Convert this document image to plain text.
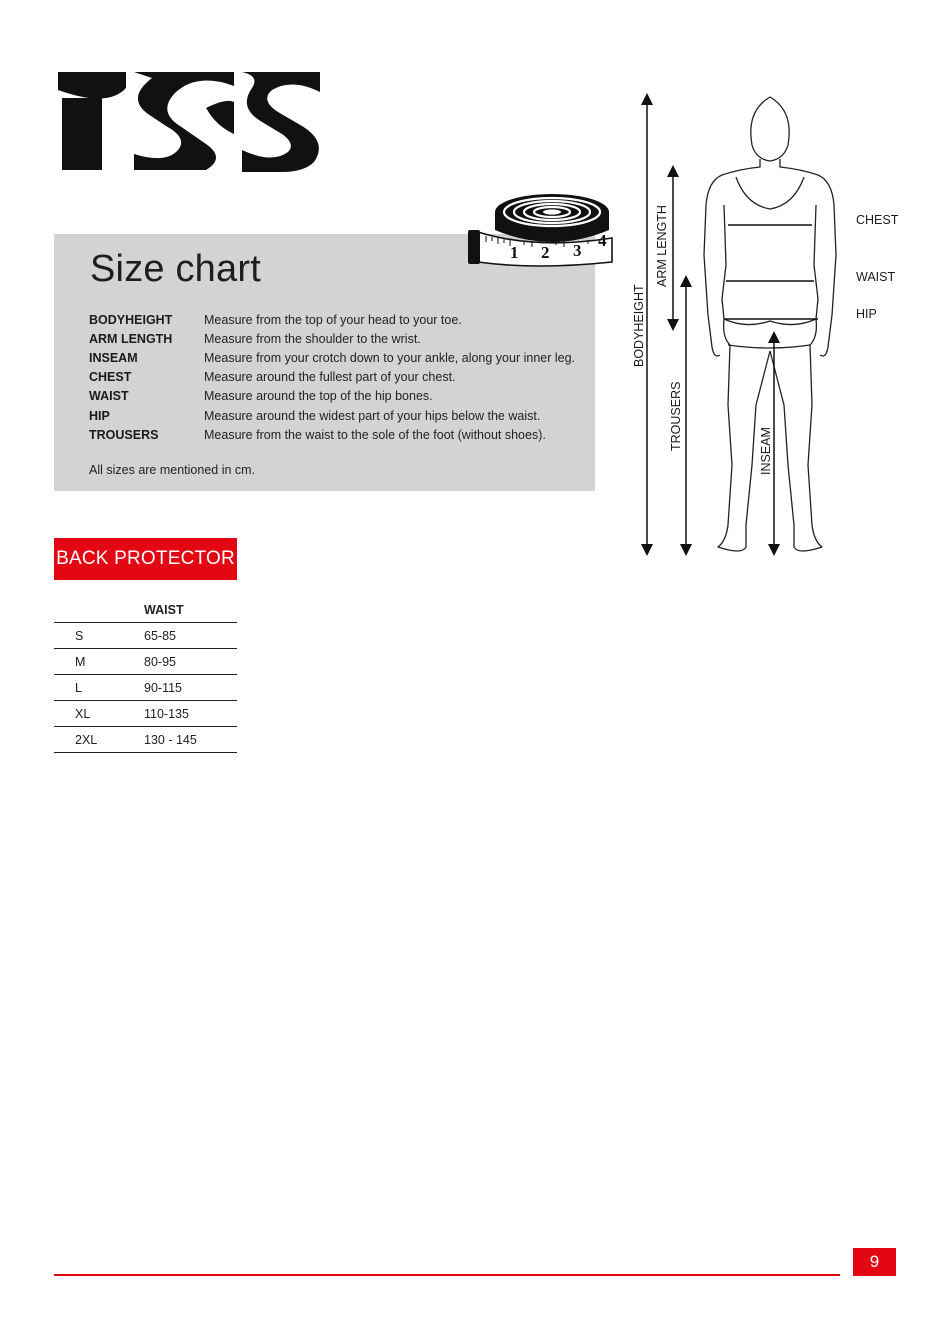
iXS
Size chart
BODYHEIGHT	Measure from the top of your head to your toe.
ARM LENGTH	Measure from the shoulder to the wrist.
INSEAM	Measure from your crotch down to your ankle, along your inner leg.
CHEST	Measure around the fullest part of your chest.
WAIST	Measure around the top of the hip bones.
HIP	Measure around the widest part of your hips below the waist.
TROUSERS	Measure from the waist to the sole of the foot (without shoes).
All sizes are mentioned in cm.
1 2 3
4
BACK PROTECTOR
	WAIST
S	65-85
M	80-95
L	90-115
XL	110-135
2XL	130 - 145
BODYHEIGHT
ARM LENGTH
TROUSERS
INSEAM
CHEST
WAIST
HIP
9
